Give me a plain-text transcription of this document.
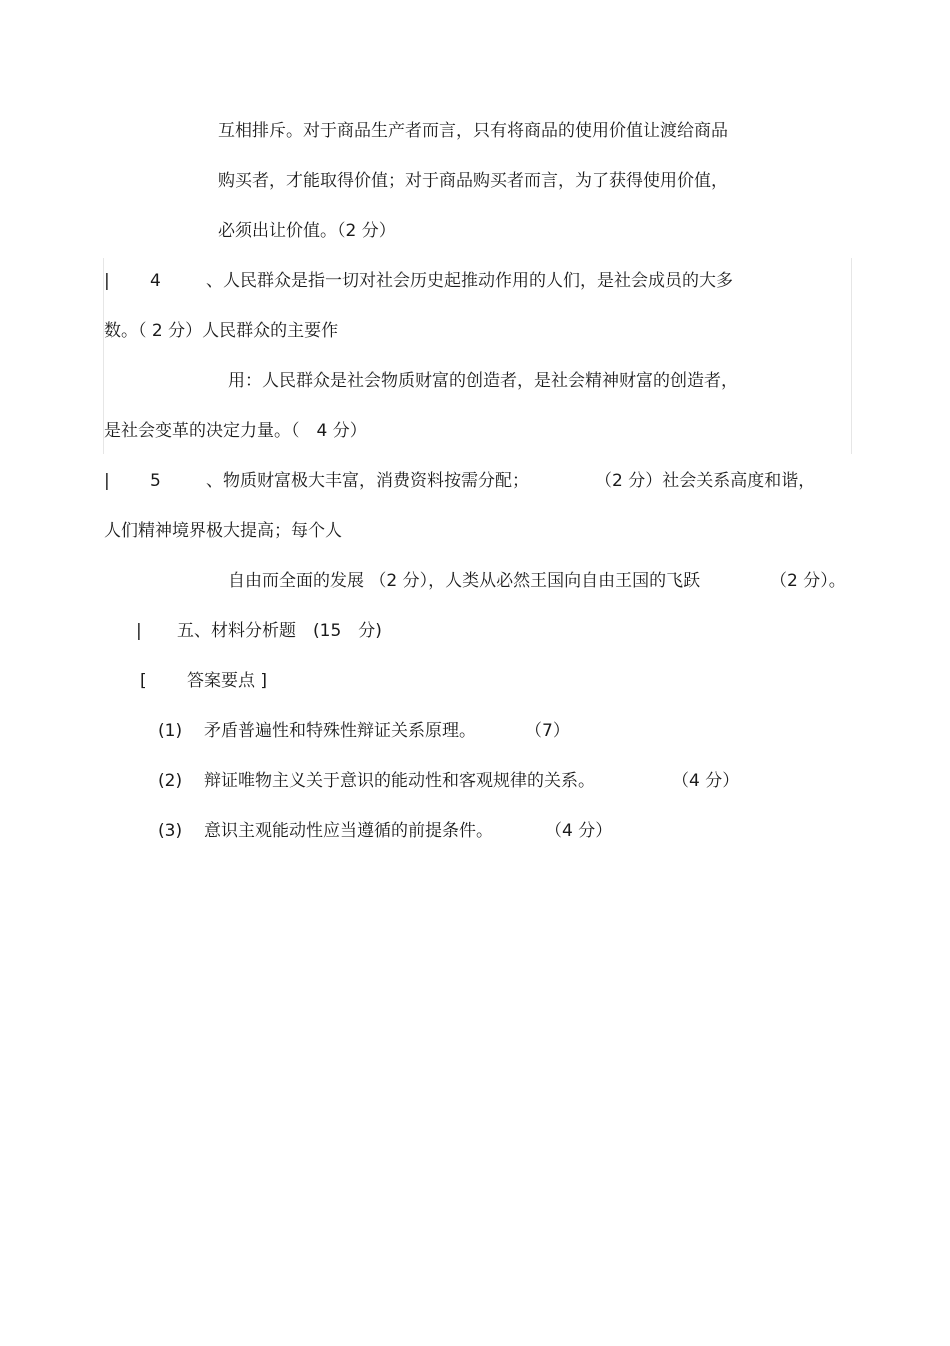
互相排斥。对于商品生产者而言，只有将商品的使用价值让渡给商品
购买者，才能取得价值；对于商品购买者而言，为了获得使用价值，
必须出让价值。（2 分）
| 4	、人民群众是指一切对社会历史起推动作用的人们，是社会成员的大多
数。（ 2 分）人民群众的主要作
用：人民群众是社会物质财富的创造者，是社会精神财富的创造者，
是社会变革的决定力量。（　4 分）
| 5	、物质财富极大丰富，消费资料按需分配；	（2 分）社会关系高度和谐，
人们精神境界极大提高；每个人
自由而全面的发展 （2 分），人类从必然王国向自由王国的飞跃	（2 分）。
| 五、材料分析题　(15　分)
[ 答案要点 ]
(1) 矛盾普遍性和特殊性辩证关系原理。	（7）
(2) 辩证唯物主义关于意识的能动性和客观规律的关系。	（4 分）
(3) 意识主观能动性应当遵循的前提条件。	（4 分）
